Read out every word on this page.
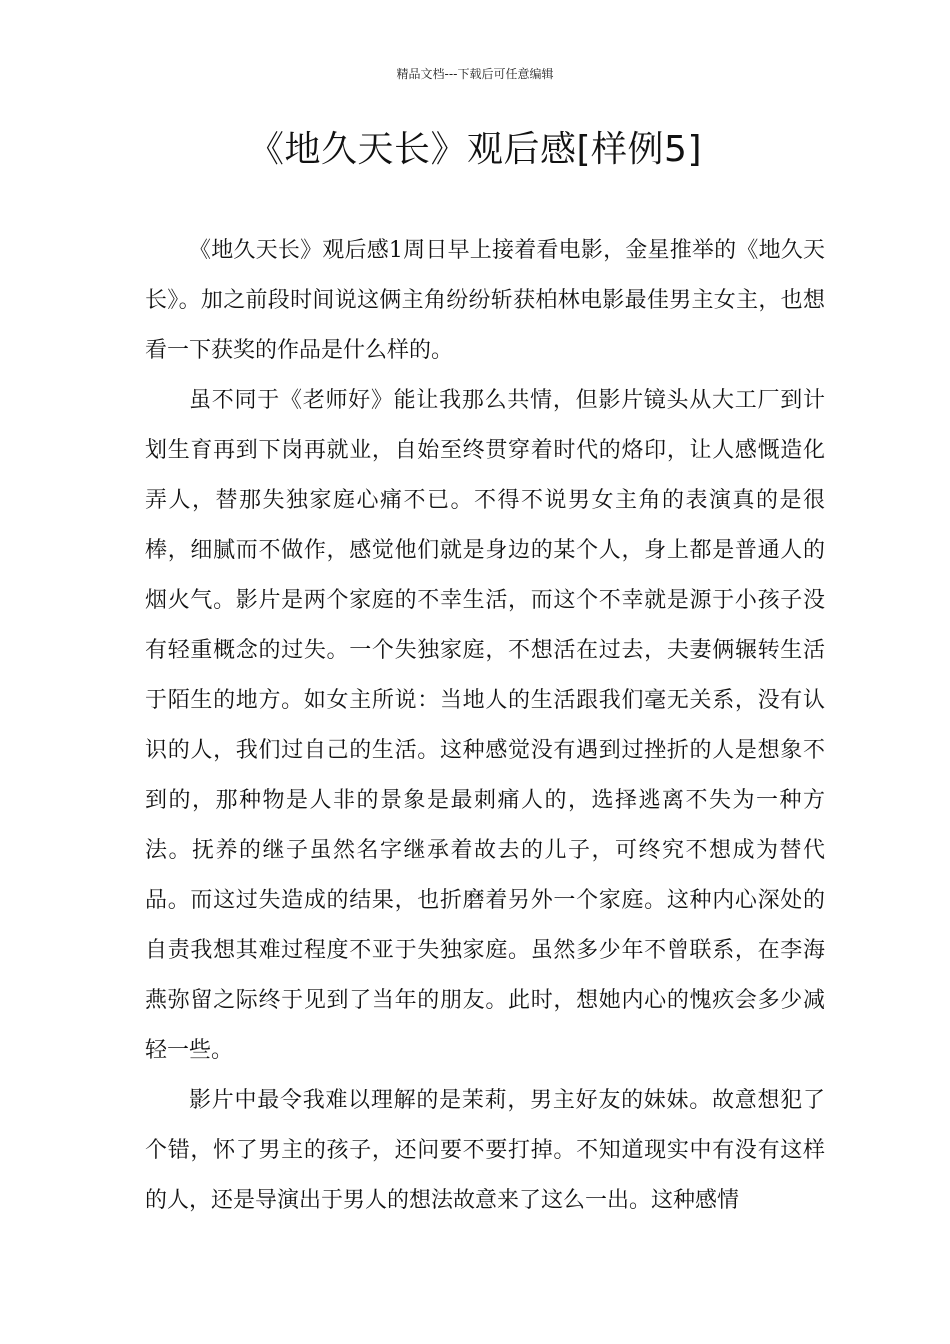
精品文档---下载后可任意编辑
《地久天长》观后感[样例5]

《地久天长》观后感1周日早上接着看电影，金星推举的《地久天长》。加之前段时间说这俩主角纷纷斩获柏林电影最佳男主女主，也想看一下获奖的作品是什么样的。

虽不同于《老师好》能让我那么共情，但影片镜头从大工厂到计划生育再到下岗再就业，自始至终贯穿着时代的烙印，让人感慨造化弄人，替那失独家庭心痛不已。不得不说男女主角的表演真的是很棒，细腻而不做作，感觉他们就是身边的某个人，身上都是普通人的烟火气。影片是两个家庭的不幸生活，而这个不幸就是源于小孩子没有轻重概念的过失。一个失独家庭，不想活在过去，夫妻俩辗转生活于陌生的地方。如女主所说：当地人的生活跟我们毫无关系，没有认识的人，我们过自己的生活。这种感觉没有遇到过挫折的人是想象不到的，那种物是人非的景象是最刺痛人的，选择逃离不失为一种方法。抚养的继子虽然名字继承着故去的儿子，可终究不想成为替代品。而这过失造成的结果，也折磨着另外一个家庭。这种内心深处的自责我想其难过程度不亚于失独家庭。虽然多少年不曾联系，在李海燕弥留之际终于见到了当年的朋友。此时，想她内心的愧疚会多少减轻一些。

影片中最令我难以理解的是茉莉，男主好友的妹妹。故意想犯了个错，怀了男主的孩子，还问要不要打掉。不知道现实中有没有这样的人，还是导演出于男人的想法故意来了这么一出。这种感情
